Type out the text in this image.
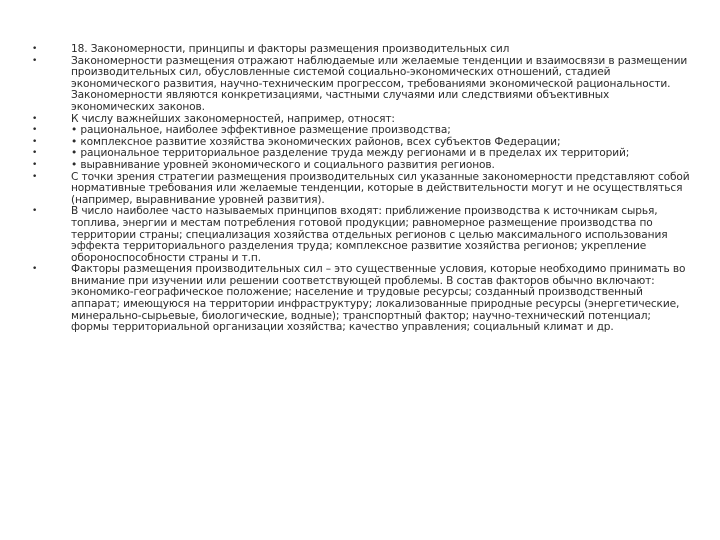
•	18. Закономерности, принципы и факторы размещения производительных сил
•	Закономерности размещения отражают наблюдаемые или желаемые тенденции и взаимосвязи в размещении производительных сил, обусловленные системой социально-экономических отношений, стадией экономического развития, научно-техническим прогрессом, требованиями экономической рациональности. Закономерности являются конкретизациями, частными случаями или следствиями объективных экономических законов.
•	К числу важнейших закономерностей, например, относят:
•	• рациональное, наиболее эффективное размещение производства;
•	• комплексное развитие хозяйства экономических районов, всех субъектов Федерации;
•	• рациональное территориальное разделение труда между регионами и в пределах их территорий;
•	• выравнивание уровней экономического и социального развития регионов.
•	С точки зрения стратегии размещения производительных сил указанные закономерности представляют собой нормативные требования или желаемые тенденции, которые в действительности могут и не осуществляться (например, выравнивание уровней развития).
•	В число наиболее часто называемых принципов входят: приближение производства к источникам сырья, топлива, энергии и местам потребления готовой продукции; равномерное размещение производства по территории страны; специализация хозяйства отдельных регионов с целью максимального использования эффекта территориального разделения труда; комплексное развитие хозяйства регионов; укрепление обороноспособности страны и т.п.
•	Факторы размещения производительных сил – это существенные условия, которые необходимо принимать во внимание при изучении или решении соответствующей проблемы. В состав факторов обычно включают: экономико-географическое положение; население и трудовые ресурсы; созданный производственный аппарат; имеющуюся на территории инфраструктуру; локализованные природные ресурсы (энергетические, минерально-сырьевые, биологические, водные); транспортный фактор; научно-технический потенциал; формы территориальной организации хозяйства; качество управления; социальный климат и др.
